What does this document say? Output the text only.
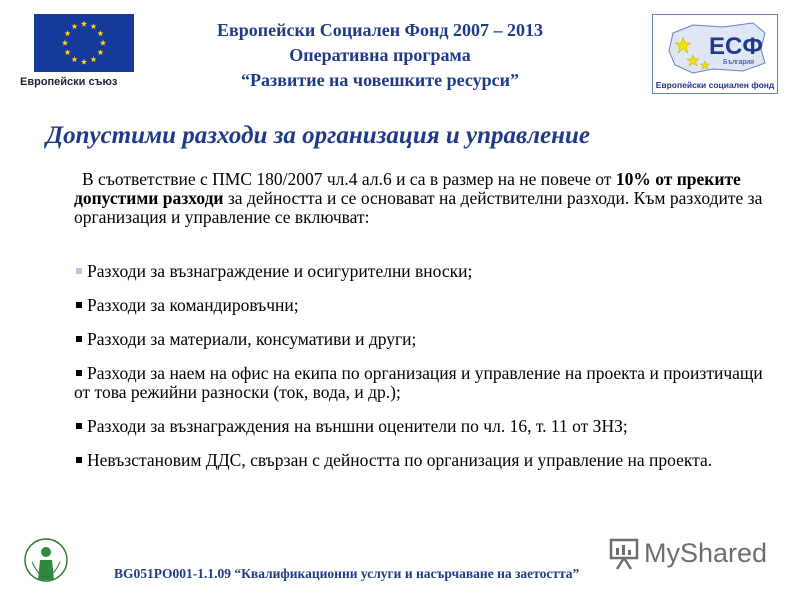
Европейски съюз
Европейски Социален Фонд 2007 – 2013
Оперативна програма
“Развитие на човешките ресурси”
ЕСФ
България
Европейски социален фонд
Допустими разходи за организация и управление
В съответствие с ПМС 180/2007 чл.4 ал.6 и са в размер на не повече от 10% от преките допустими разходи за дейността и се основават на действителни разходи. Към разходите за организация и управление се включват:
Разходи за възнаграждение и осигурителни вноски;
Разходи за командировъчни;
Разходи за материали, консумативи и други;
Разходи за наем на офис на екипа по организация и управление на проекта и произтичащи от това режийни разноски (ток, вода, и др.);
Разходи за възнаграждения на външни оценители по чл. 16, т. 11 от ЗНЗ;
Невъзстановим ДДС, свързан с дейността по организация и управление на проекта.
BG051PO001-1.1.09 “Квалификационни услуги и насърчаване на заетостта”
MyShared
